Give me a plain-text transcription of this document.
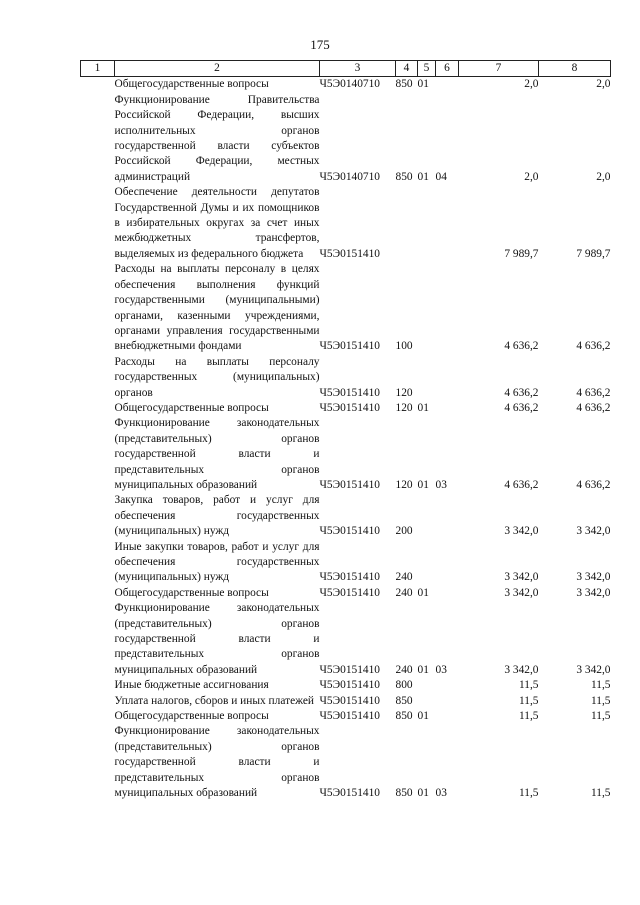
175
1	2	3	4	5	6	7	8
	Общегосударственные вопросы	Ч5Э0140710	850	01		2,0	2,0
	Функционирование Правительства Российской Федерации, высших исполнительных органов государственной власти субъектов Российской Федерации, местных администраций	Ч5Э0140710	850	01	04	2,0	2,0
	Обеспечение деятельности депутатов Государственной Думы и их помощников в избирательных округах за счет иных межбюджетных трансфертов, выделяемых из федерального бюджета	Ч5Э0151410				7 989,7	7 989,7
	Расходы на выплаты персоналу в целях обеспечения выполнения функций государственными (муниципальными) органами, казенными учреждениями, органами управления государственными внебюджетными фондами	Ч5Э0151410	100			4 636,2	4 636,2
	Расходы на выплаты персоналу государственных (муниципальных) органов	Ч5Э0151410	120			4 636,2	4 636,2
	Общегосударственные вопросы	Ч5Э0151410	120	01		4 636,2	4 636,2
	Функционирование законодательных (представительных) органов государственной власти и представительных органов муниципальных образований	Ч5Э0151410	120	01	03	4 636,2	4 636,2
	Закупка товаров, работ и услуг для обеспечения государственных (муниципальных) нужд	Ч5Э0151410	200			3 342,0	3 342,0
	Иные закупки товаров, работ и услуг для обеспечения государственных (муниципальных) нужд	Ч5Э0151410	240			3 342,0	3 342,0
	Общегосударственные вопросы	Ч5Э0151410	240	01		3 342,0	3 342,0
	Функционирование законодательных (представительных) органов государственной власти и представительных органов муниципальных образований	Ч5Э0151410	240	01	03	3 342,0	3 342,0
	Иные бюджетные ассигнования	Ч5Э0151410	800			11,5	11,5
	Уплата налогов, сборов и иных платежей	Ч5Э0151410	850			11,5	11,5
	Общегосударственные вопросы	Ч5Э0151410	850	01		11,5	11,5
	Функционирование законодательных (представительных) органов государственной власти и представительных органов муниципальных образований	Ч5Э0151410	850	01	03	11,5	11,5
